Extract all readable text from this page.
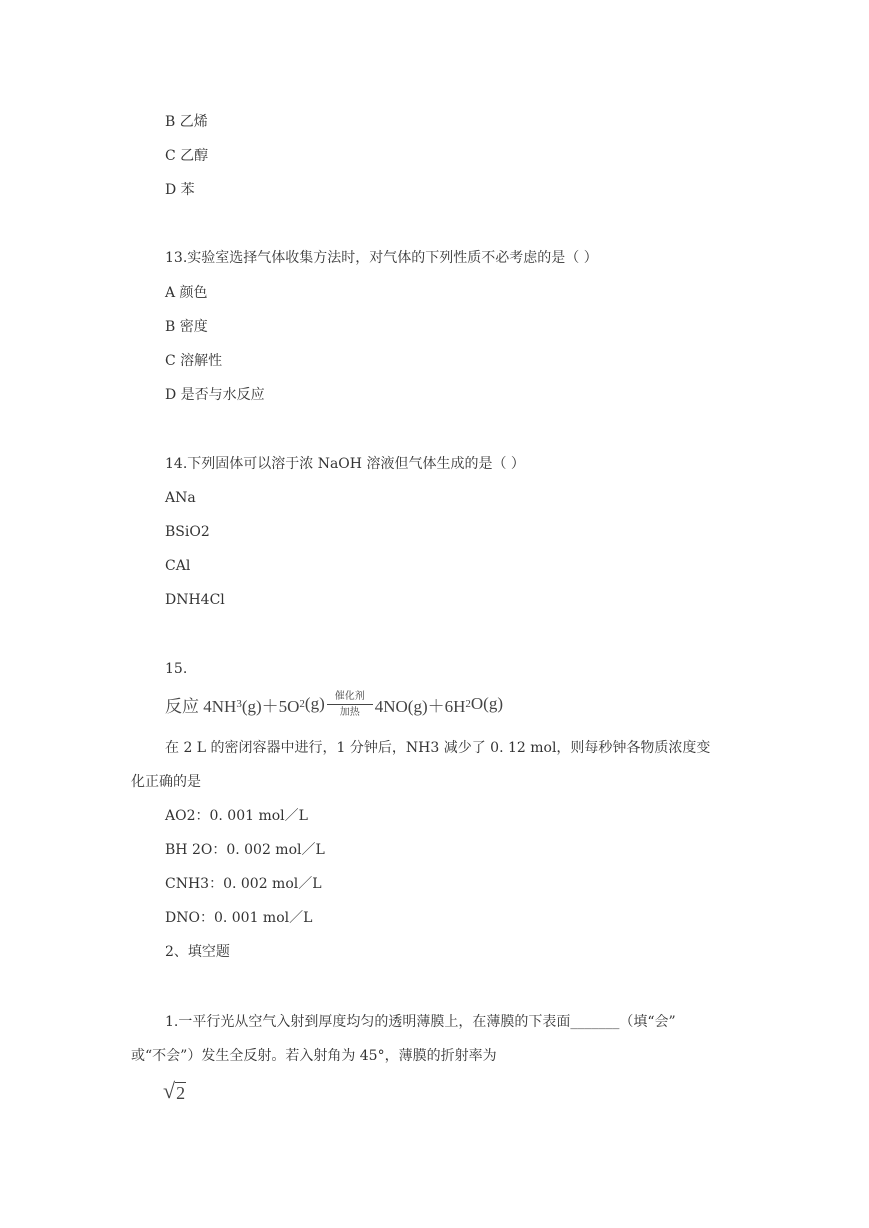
B 乙烯
C 乙醇
D 苯
13.实验室选择气体收集方法时，对气体的下列性质不必考虑的是（ ）
A 颜色
B 密度
C 溶解性
D 是否与水反应
14.下列固体可以溶于浓 NaOH 溶液但气体生成的是（ ）
ANa
BSiO2
CAl
DNH4Cl
15.
反应 4NH 3 (g)＋5O 2 (g) 催化剂
加热 4NO(g)＋6H 2 O(g)
在 2 L 的密闭容器中进行，1 分钟后，NH3 减少了 0. 12 mol，则每秒钟各物质浓度变
化正确的是
AO2：0. 001 mol／L
BH 2O：0. 002 mol／L
CNH3：0. 002 mol／L
DNO：0. 001 mol／L
2、填空题
1.一平行光从空气入射到厚度均匀的透明薄膜上，在薄膜的下表面_______（填“会”
或“不会”）发生全反射。若入射角为 45°，薄膜的折射率为
√ 2
